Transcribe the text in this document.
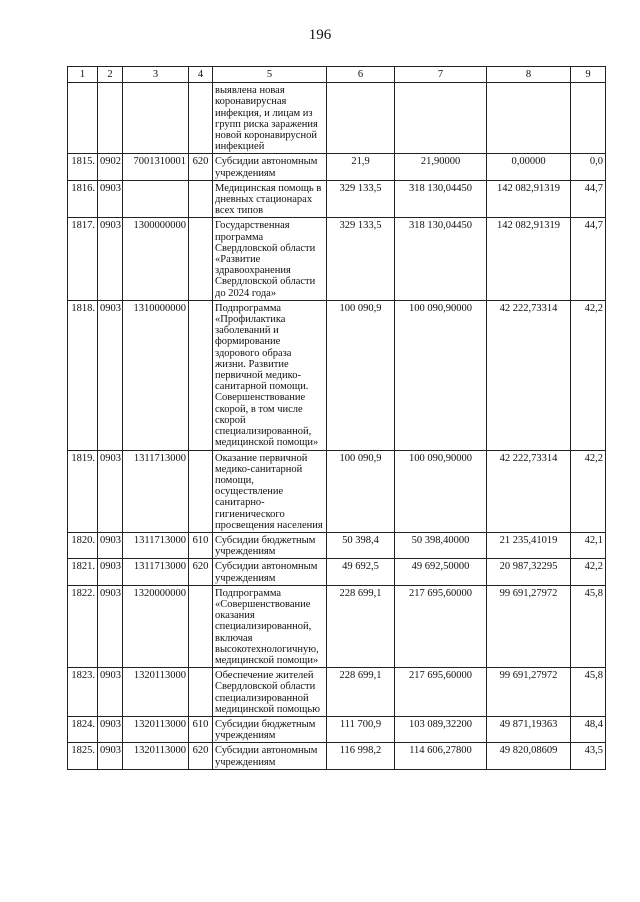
196
1	2	3	4	5	6	7	8	9
				выявлена новая коронавирусная инфекция, и лицам из групп риска заражения новой коронавирусной инфекцией				
1815.	0902	7001310001	620	Субсидии автономным учреждениям	21,9	21,90000	0,00000	0,0
1816.	0903			Медицинская помощь в дневных стационарах всех типов	329 133,5	318 130,04450	142 082,91319	44,7
1817.	0903	1300000000		Государственная программа Свердловской области «Развитие здравоохранения Свердловской области до 2024 года»	329 133,5	318 130,04450	142 082,91319	44,7
1818.	0903	1310000000		Подпрограмма «Профилактика заболеваний и формирование здорового образа жизни. Развитие первичной медико-санитарной помощи. Совершенствование скорой, в том числе скорой специализированной, медицинской помощи»	100 090,9	100 090,90000	42 222,73314	42,2
1819.	0903	1311713000		Оказание первичной медико-санитарной помощи, осуществление санитарно-гигиенического просвещения населения	100 090,9	100 090,90000	42 222,73314	42,2
1820.	0903	1311713000	610	Субсидии бюджетным учреждениям	50 398,4	50 398,40000	21 235,41019	42,1
1821.	0903	1311713000	620	Субсидии автономным учреждениям	49 692,5	49 692,50000	20 987,32295	42,2
1822.	0903	1320000000		Подпрограмма «Совершенствование оказания специализированной, включая высокотехнологичную, медицинской помощи»	228 699,1	217 695,60000	99 691,27972	45,8
1823.	0903	1320113000		Обеспечение жителей Свердловской области специализированной медицинской помощью	228 699,1	217 695,60000	99 691,27972	45,8
1824.	0903	1320113000	610	Субсидии бюджетным учреждениям	111 700,9	103 089,32200	49 871,19363	48,4
1825.	0903	1320113000	620	Субсидии автономным учреждениям	116 998,2	114 606,27800	49 820,08609	43,5
